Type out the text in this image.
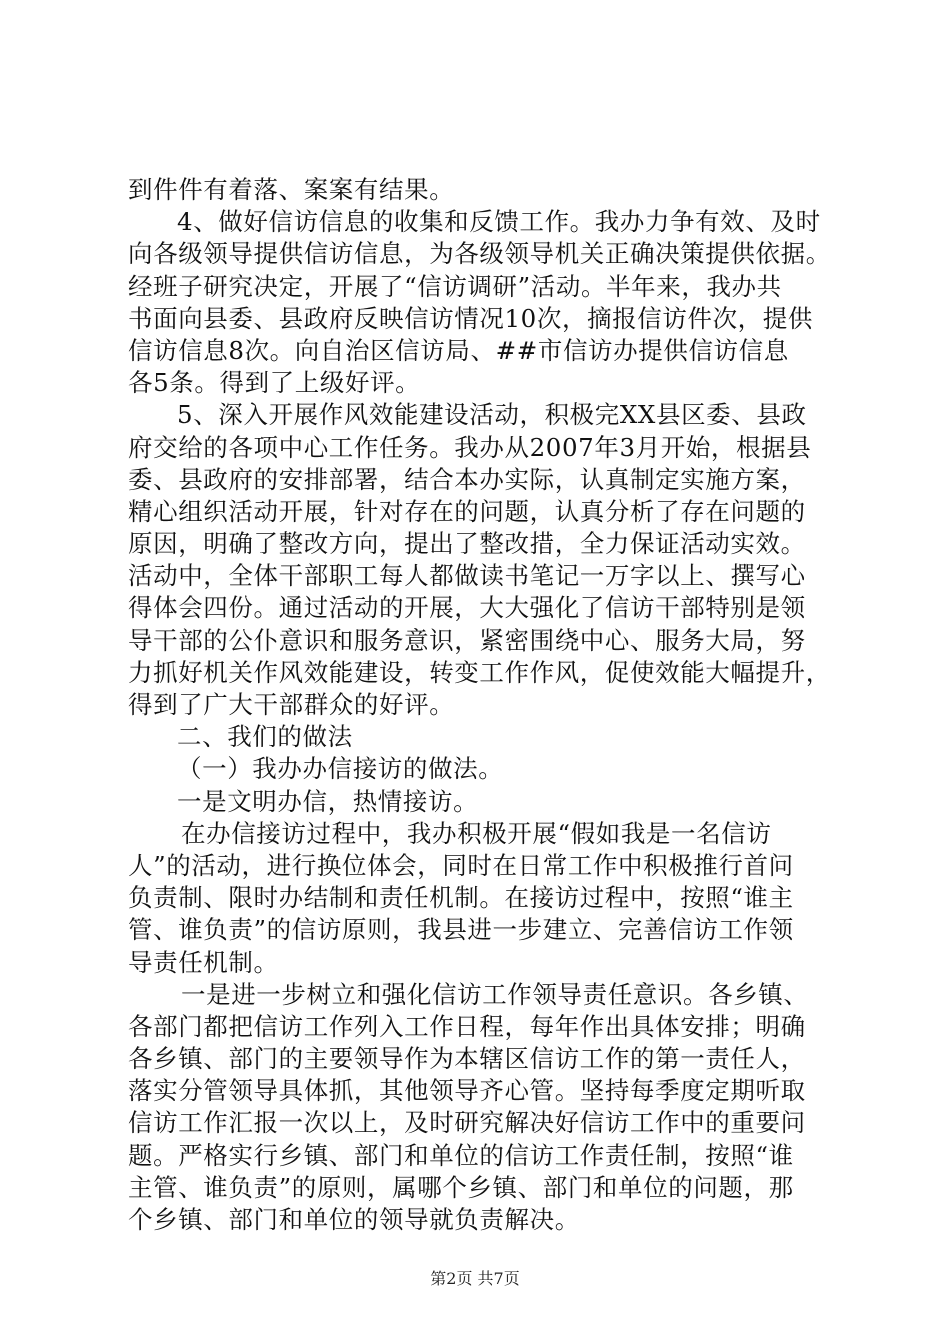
到件件有着落、案案有结果。
4、做好信访信息的收集和反馈工作。我办力争有效、及时
向各级领导提供信访信息，为各级领导机关正确决策提供依据。
经班子研究决定，开展了“信访调研”活动。半年来，我办共
书面向县委、县政府反映信访情况10次，摘报信访件次，提供
信访信息8次。向自治区信访局、##市信访办提供信访信息
各5条。得到了上级好评。
5、深入开展作风效能建设活动，积极完XX县区委、县政
府交给的各项中心工作任务。我办从2007年3月开始，根据县
委、县政府的安排部署，结合本办实际，认真制定实施方案，
精心组织活动开展，针对存在的问题，认真分析了存在问题的
原因，明确了整改方向，提出了整改措，全力保证活动实效。
活动中，全体干部职工每人都做读书笔记一万字以上、撰写心
得体会四份。通过活动的开展，大大强化了信访干部特别是领
导干部的公仆意识和服务意识，紧密围绕中心、服务大局，努
力抓好机关作风效能建设，转变工作作风，促使效能大幅提升，
得到了广大干部群众的好评。
二、我们的做法
（一）我办办信接访的做法。
一是文明办信，热情接访。
在办信接访过程中，我办积极开展“假如我是一名信访
人”的活动，进行换位体会，同时在日常工作中积极推行首问
负责制、限时办结制和责任机制。在接访过程中，按照“谁主
管、谁负责”的信访原则，我县进一步建立、完善信访工作领
导责任机制。
一是进一步树立和强化信访工作领导责任意识。各乡镇、
各部门都把信访工作列入工作日程，每年作出具体安排；明确
各乡镇、部门的主要领导作为本辖区信访工作的第一责任人，
落实分管领导具体抓，其他领导齐心管。坚持每季度定期听取
信访工作汇报一次以上，及时研究解决好信访工作中的重要问
题。严格实行乡镇、部门和单位的信访工作责任制，按照“谁
主管、谁负责”的原则，属哪个乡镇、部门和单位的问题，那
个乡镇、部门和单位的领导就负责解决。
第2页 共7页
